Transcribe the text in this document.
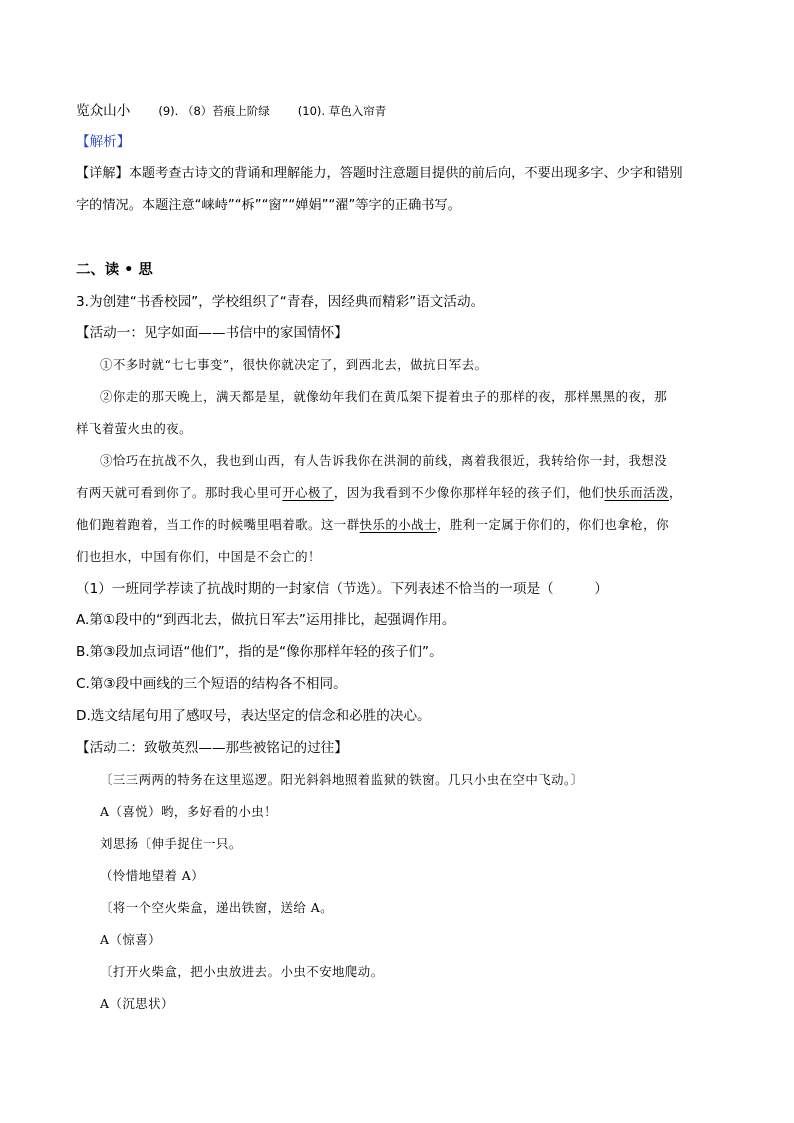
览众山小 (9). （8）苔痕上阶绿 (10). 草色入帘青
【解析】
【详解】本题考查古诗文的背诵和理解能力，答题时注意题目提供的前后向，不要出现多字、少字和错别
字的情况。本题注意“崃峙”“柝”“窗”“婵娟”“濯”等字的正确书写。
二、读 • 思
3.为创建“书香校园”，学校组织了“青春，因经典而精彩”语文活动。
【活动一：见字如面——书信中的家国情怀】
①不多时就“七七事变”，很快你就决定了，到西北去，做抗日军去。
②你走的那天晚上，满天都是星，就像幼年我们在黄瓜架下提着虫子的那样的夜，那样黑黑的夜，那
样飞着萤火虫的夜。
③恰巧在抗战不久，我也到山西，有人告诉我你在洪洞的前线，离着我很近，我转给你一封，我想没
有两天就可看到你了。那时我心里可开心极了，因为我看到不少像你那样年轻的孩子们，他们快乐而活泼，
他们跑着跑着，当工作的时候嘴里唱着歌。这一群快乐的小战士，胜利一定属于你们的，你们也拿枪，你
们也担水，中国有你们，中国是不会亡的！
（1）一班同学荐读了抗战时期的一封家信（节选）。下列表述不恰当的一项是（　　　）
A.第①段中的“到西北去，做抗日军去”运用排比，起强调作用。
B.第③段加点词语“他们”，指的是“像你那样年轻的孩子们”。
C.第③段中画线的三个短语的结构各不相同。
D.选文结尾句用了感叹号，表达坚定的信念和必胜的决心。
【活动二：致敬英烈——那些被铭记的过往】
〔三三两两的特务在这里巡逻。阳光斜斜地照着监狱的铁窗。几只小虫在空中飞动。〕
A（喜悦）哟，多好看的小虫！
刘思扬〔伸手捉住一只。
（怜惜地望着 A）
〔将一个空火柴盒，递出铁窗，送给 A。
A（惊喜）
〔打开火柴盒，把小虫放进去。小虫不安地爬动。
A（沉思状）
